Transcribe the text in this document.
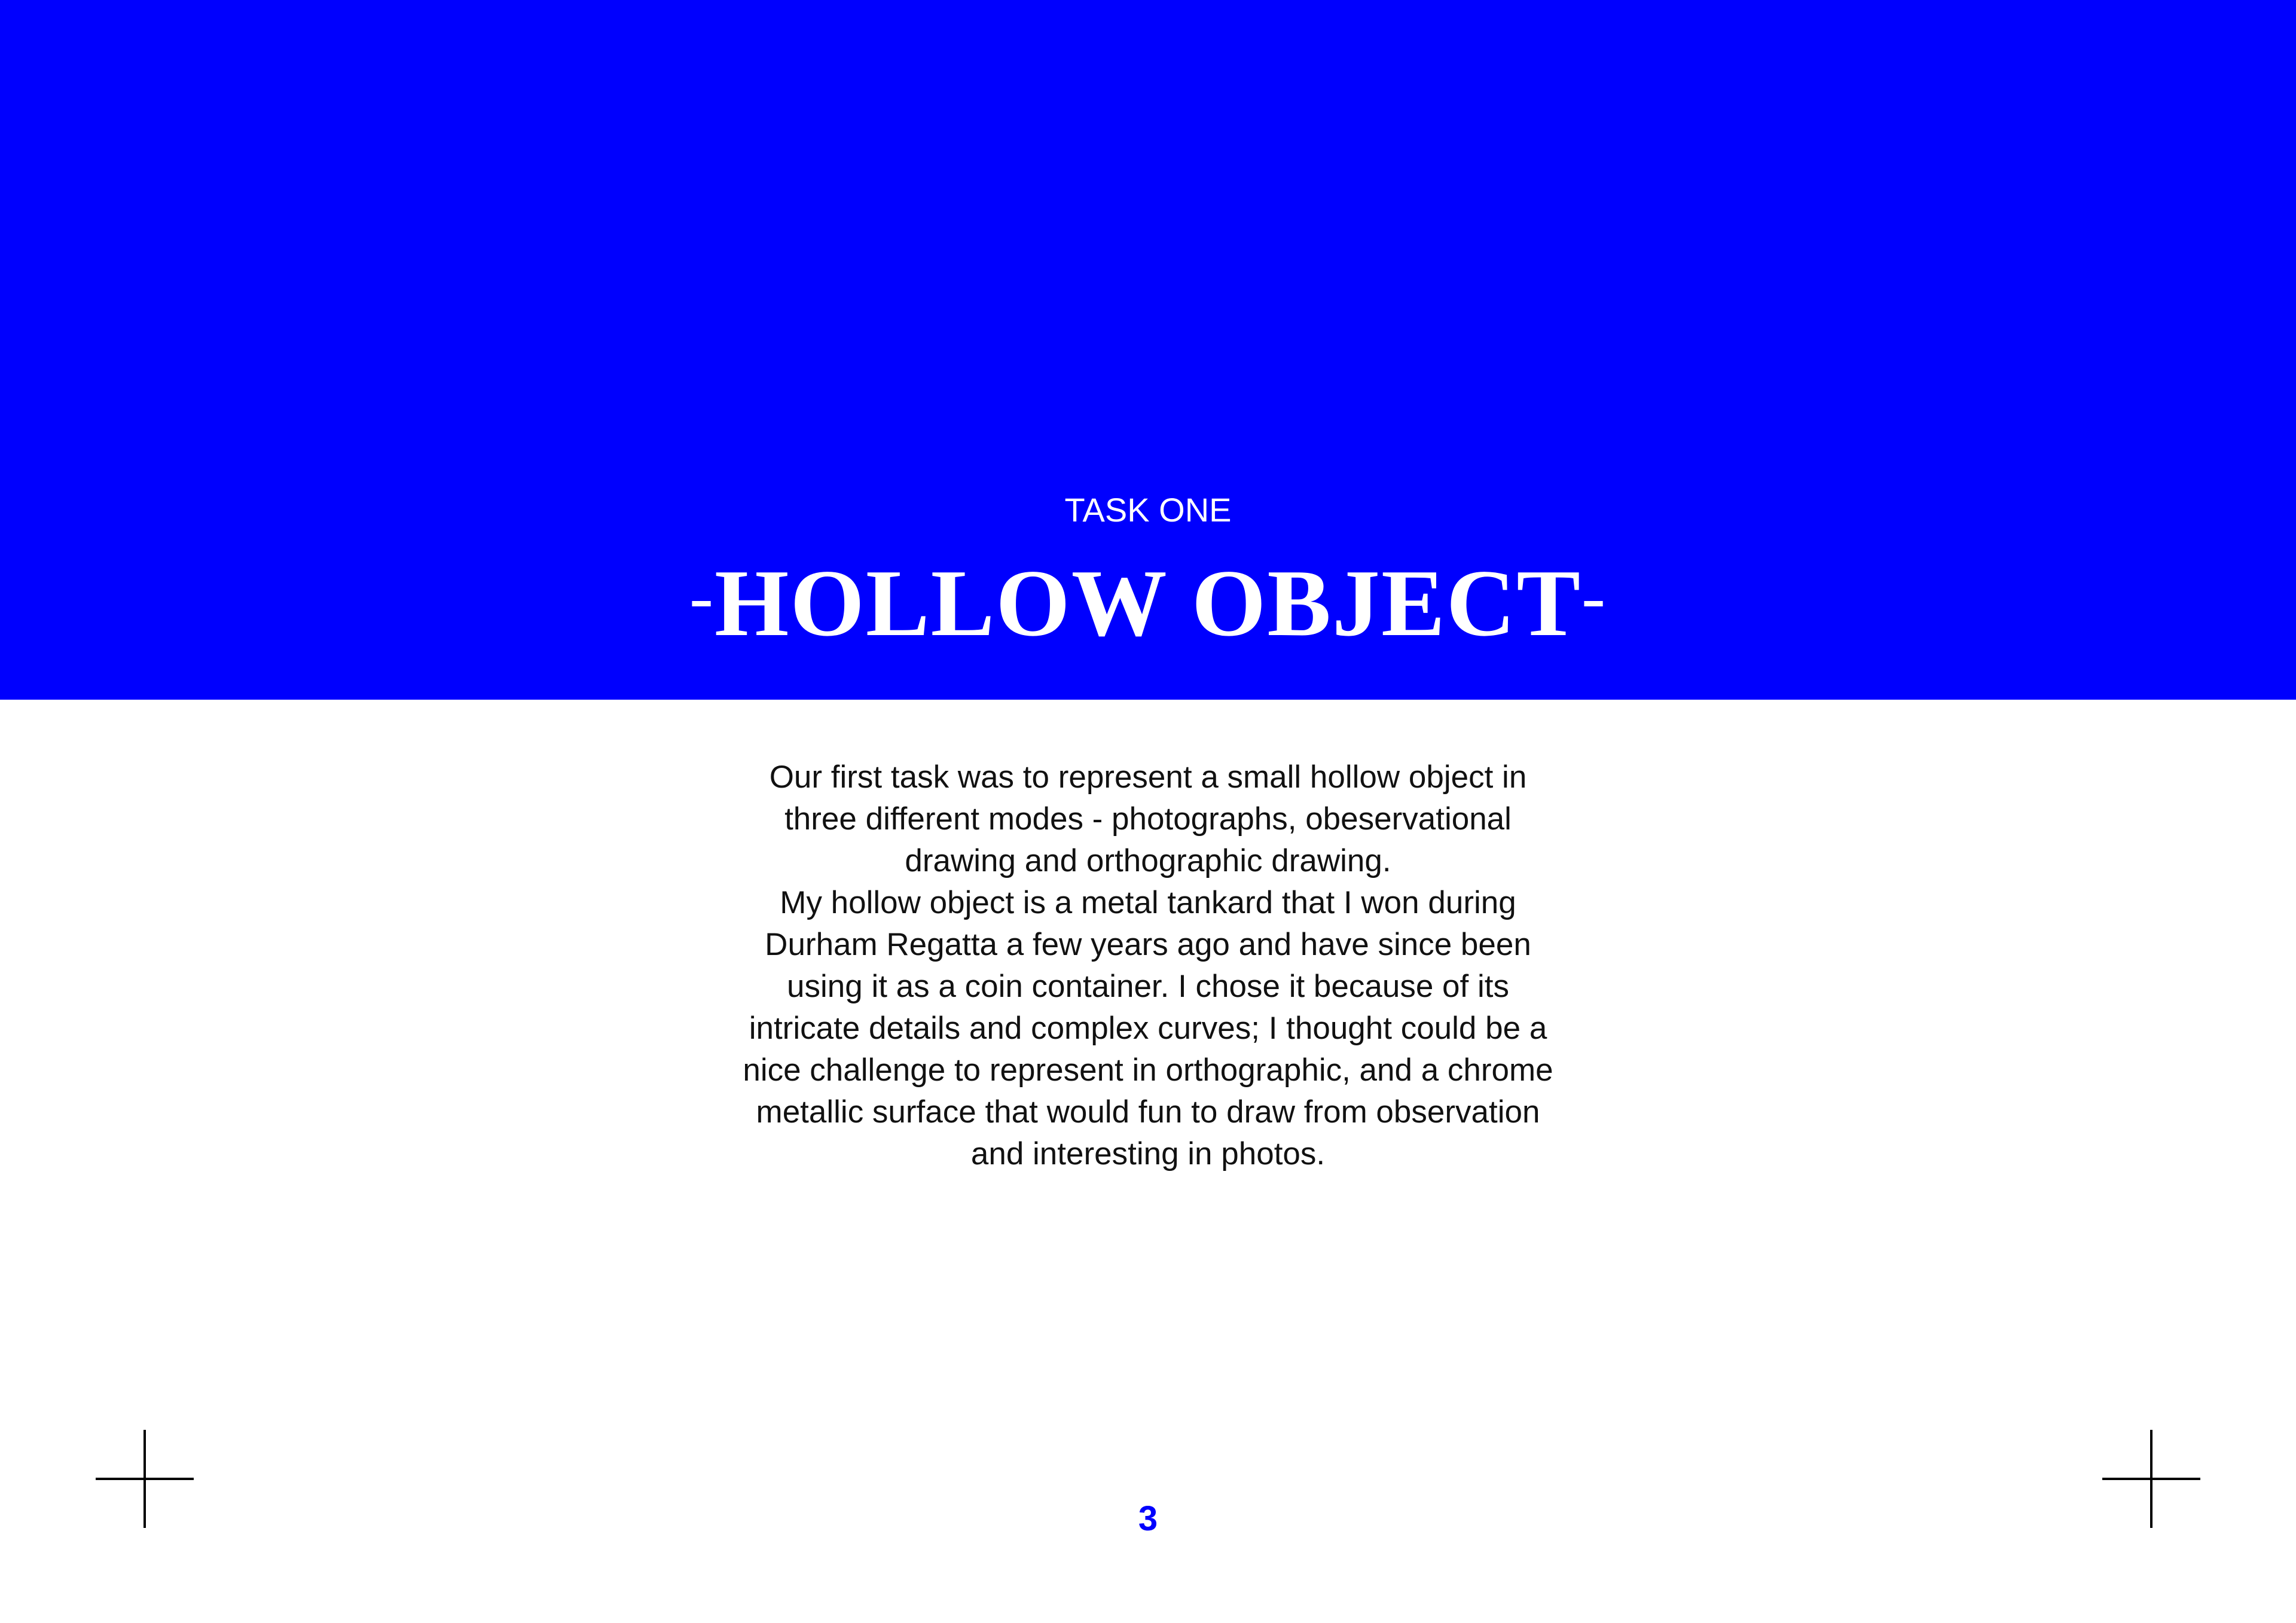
TASK ONE
-HOLLOW OBJECT-

Our first task was to represent a small hollow object in three different modes - photographs, obeservational drawing and orthographic drawing.

My hollow object is a metal tankard that I won during Durham Regatta a few years ago and have since been using it as a coin container. I chose it because of its intricate details and complex curves; I thought could be a nice challenge to represent in orthographic, and a chrome metallic surface that would fun to draw from observation and interesting in photos.

3
